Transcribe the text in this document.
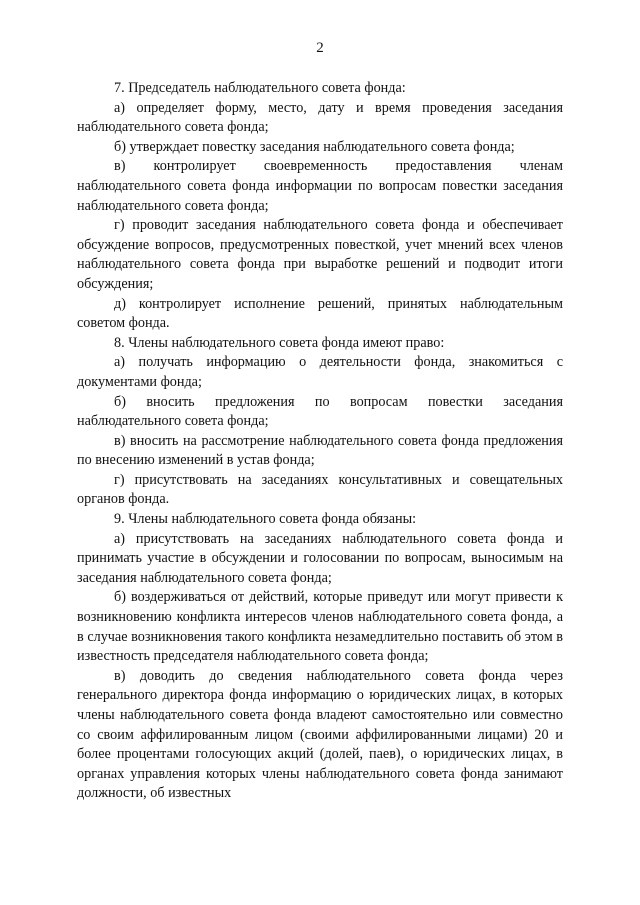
2

7. Председатель наблюдательного совета фонда:

а) определяет форму, место, дату и время проведения заседания наблюдательного совета фонда;

б) утверждает повестку заседания наблюдательного совета фонда;

в) контролирует своевременность предоставления членам наблюдательного совета фонда информации по вопросам повестки заседания наблюдательного совета фонда;

г) проводит заседания наблюдательного совета фонда и обеспечивает обсуждение вопросов, предусмотренных повесткой, учет мнений всех членов наблюдательного совета фонда при выработке решений и подводит итоги обсуждения;

д) контролирует исполнение решений, принятых наблюдательным советом фонда.

8. Члены наблюдательного совета фонда имеют право:

а) получать информацию о деятельности фонда, знакомиться с документами фонда;

б) вносить предложения по вопросам повестки заседания наблюдательного совета фонда;

в) вносить на рассмотрение наблюдательного совета фонда предложения по внесению изменений в устав фонда;

г) присутствовать на заседаниях консультативных и совещательных органов фонда.

9. Члены наблюдательного совета фонда обязаны:

а) присутствовать на заседаниях наблюдательного совета фонда и принимать участие в обсуждении и голосовании по вопросам, выносимым на заседания наблюдательного совета фонда;

б) воздерживаться от действий, которые приведут или могут привести к возникновению конфликта интересов членов наблюдательного совета фонда, а в случае возникновения такого конфликта незамедлительно поставить об этом в известность председателя наблюдательного совета фонда;

в) доводить до сведения наблюдательного совета фонда через генерального директора фонда информацию о юридических лицах, в которых члены наблюдательного совета фонда владеют самостоятельно или совместно со своим аффилированным лицом (своими аффилированными лицами) 20 и более процентами голосующих акций (долей, паев), о юридических лицах, в органах управления которых члены наблюдательного совета фонда занимают должности, об известных
